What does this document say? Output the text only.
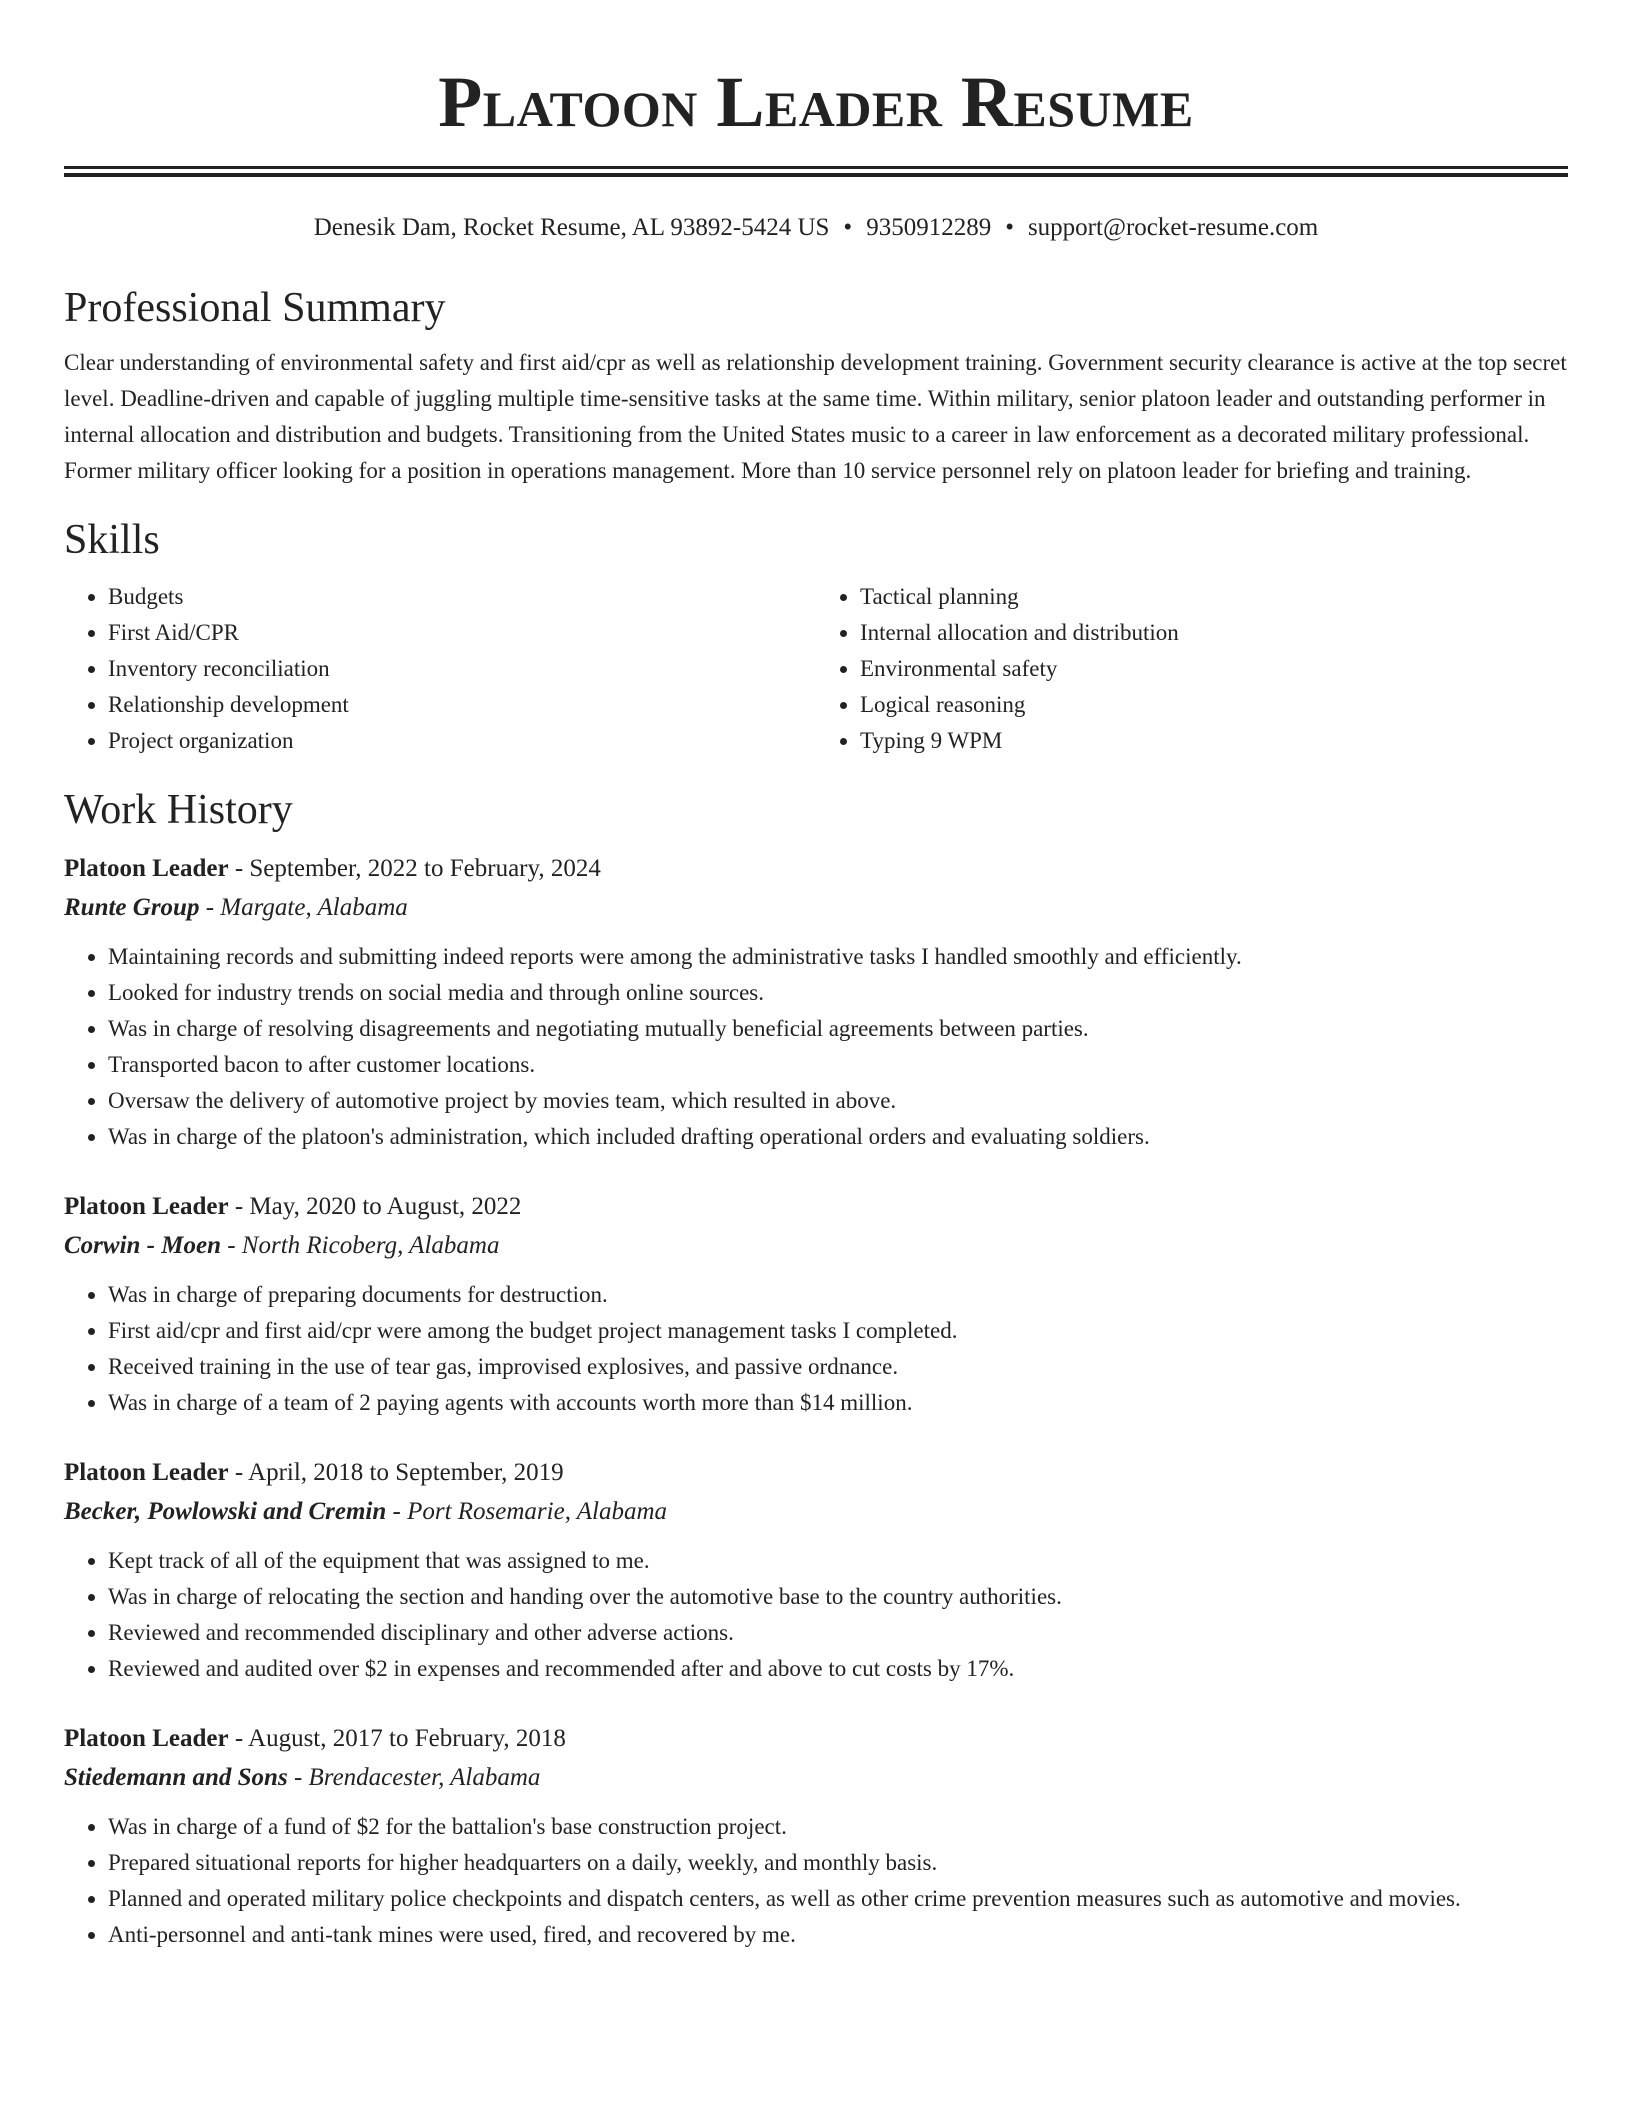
Platoon Leader Resume
Denesik Dam, Rocket Resume, AL 93892-5424 US • 9350912289 • support@rocket-resume.com
Professional Summary

Clear understanding of environmental safety and first aid/cpr as well as relationship development training. Government security clearance is active at the top secret level. Deadline-driven and capable of juggling multiple time-sensitive tasks at the same time. Within military, senior platoon leader and outstanding performer in internal allocation and distribution and budgets. Transitioning from the United States music to a career in law enforcement as a decorated military professional. Former military officer looking for a position in operations management. More than 10 service personnel rely on platoon leader for briefing and training.

Skills
• Budgets
• First Aid/CPR
• Inventory reconciliation
• Relationship development
• Project organization
• Tactical planning
• Internal allocation and distribution
• Environmental safety
• Logical reasoning
• Typing 9 WPM
Work History
Platoon Leader - September, 2022 to February, 2024
Runte Group - Margate, Alabama
• Maintaining records and submitting indeed reports were among the administrative tasks I handled smoothly and efficiently.
• Looked for industry trends on social media and through online sources.
• Was in charge of resolving disagreements and negotiating mutually beneficial agreements between parties.
• Transported bacon to after customer locations.
• Oversaw the delivery of automotive project by movies team, which resulted in above.
• Was in charge of the platoon's administration, which included drafting operational orders and evaluating soldiers.
Platoon Leader - May, 2020 to August, 2022
Corwin - Moen - North Ricoberg, Alabama
• Was in charge of preparing documents for destruction.
• First aid/cpr and first aid/cpr were among the budget project management tasks I completed.
• Received training in the use of tear gas, improvised explosives, and passive ordnance.
• Was in charge of a team of 2 paying agents with accounts worth more than $14 million.
Platoon Leader - April, 2018 to September, 2019
Becker, Powlowski and Cremin - Port Rosemarie, Alabama
• Kept track of all of the equipment that was assigned to me.
• Was in charge of relocating the section and handing over the automotive base to the country authorities.
• Reviewed and recommended disciplinary and other adverse actions.
• Reviewed and audited over $2 in expenses and recommended after and above to cut costs by 17%.
Platoon Leader - August, 2017 to February, 2018
Stiedemann and Sons - Brendacester, Alabama
• Was in charge of a fund of $2 for the battalion's base construction project.
• Prepared situational reports for higher headquarters on a daily, weekly, and monthly basis.
• Planned and operated military police checkpoints and dispatch centers, as well as other crime prevention measures such as automotive and movies.
• Anti-personnel and anti-tank mines were used, fired, and recovered by me.
